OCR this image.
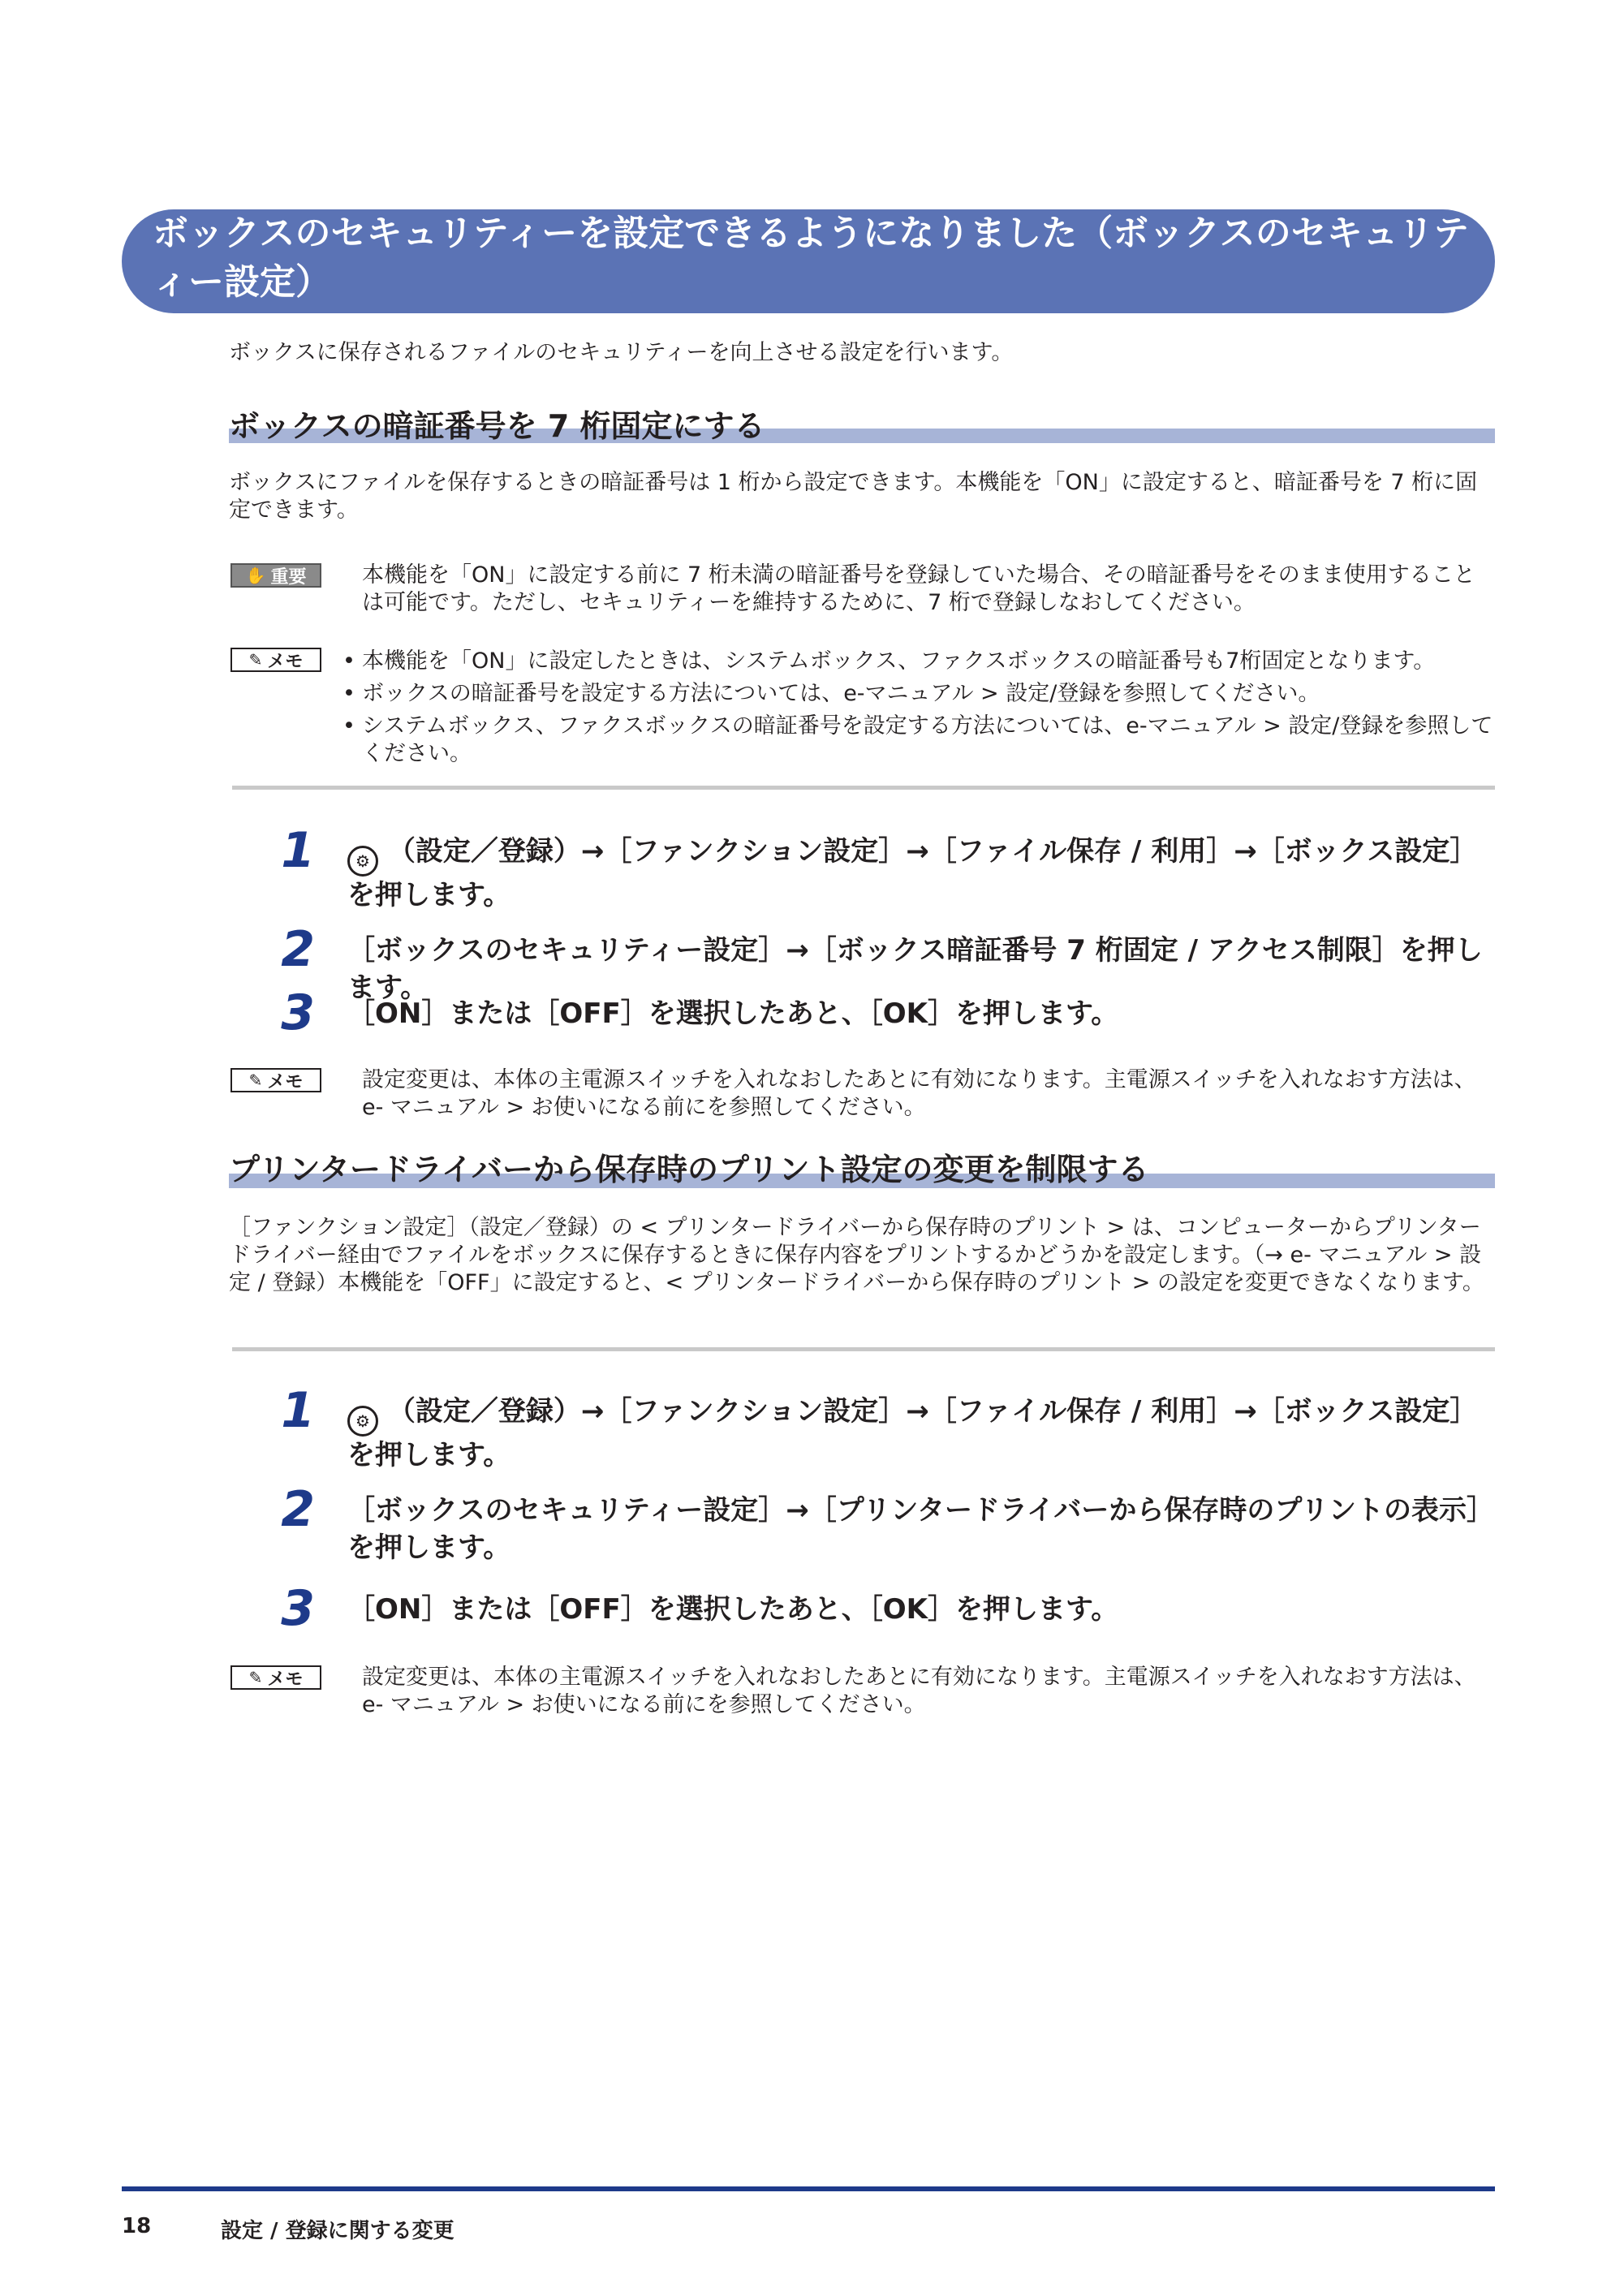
ボックスのセキュリティーを設定できるようになりました（ボックスのセキュリティー設定）
ボックスに保存されるファイルのセキュリティーを向上させる設定を行います。
ボックスの暗証番号を 7 桁固定にする
ボックスにファイルを保存するときの暗証番号は 1 桁から設定できます。本機能を「ON」に設定すると、暗証番号を 7 桁に固定できます。
✋ 重要	本機能を「ON」に設定する前に 7 桁未満の暗証番号を登録していた場合、その暗証番号をそのまま使用することは可能です。ただし、セキュリティーを維持するために、7 桁で登録しなおしてください。
✎ メモ • 本機能を「ON」に設定したときは、システムボックス、ファクスボックスの暗証番号も7桁固定となります。
• ボックスの暗証番号を設定する方法については、e-マニュアル > 設定/登録を参照してください。
• システムボックス、ファクスボックスの暗証番号を設定する方法については、e-マニュアル > 設定/登録を参照してください。
1	⚙ （設定／登録）→［ファンクション設定］→［ファイル保存 / 利用］→［ボックス設定］を押します。
2 ［ボックスのセキュリティー設定］→［ボックス暗証番号 7 桁固定 / アクセス制限］を押します。
3 ［ON］または［OFF］を選択したあと、［OK］を押します。
✎ メモ	設定変更は、本体の主電源スイッチを入れなおしたあとに有効になります。主電源スイッチを入れなおす方法は、e- マニュアル > お使いになる前にを参照してください。
プリンタードライバーから保存時のプリント設定の変更を制限する
［ファンクション設定］（設定／登録）の < プリンタードライバーから保存時のプリント > は、コンピューターからプリンタードライバー経由でファイルをボックスに保存するときに保存内容をプリントするかどうかを設定します。（→ e- マニュアル > 設定 / 登録）本機能を「OFF」に設定すると、< プリンタードライバーから保存時のプリント > の設定を変更できなくなります。
1	⚙ （設定／登録）→［ファンクション設定］→［ファイル保存 / 利用］→［ボックス設定］を押します。
2 ［ボックスのセキュリティー設定］→［プリンタードライバーから保存時のプリントの表示］を押します。
3 ［ON］または［OFF］を選択したあと、［OK］を押します。
✎ メモ	設定変更は、本体の主電源スイッチを入れなおしたあとに有効になります。主電源スイッチを入れなおす方法は、e- マニュアル > お使いになる前にを参照してください。
18	設定 / 登録に関する変更
